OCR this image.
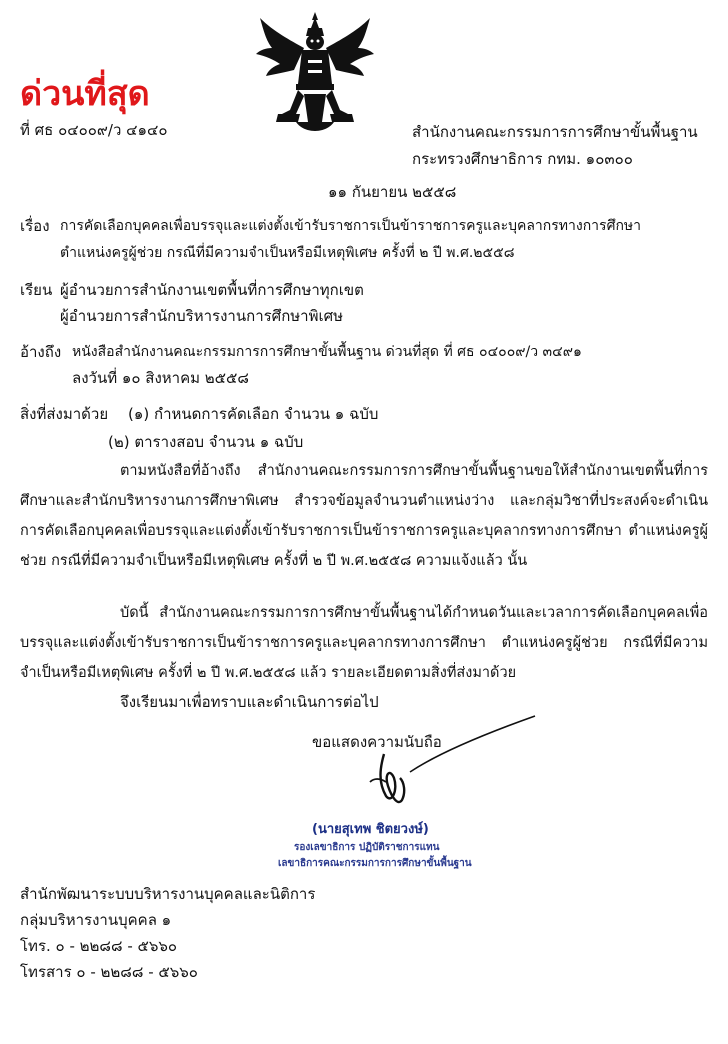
ด่วนที่สุด
ที่ ศธ ๐๔๐๐๙/ว ๔๑๔๐	สำนักงานคณะกรรมการการศึกษาขั้นพื้นฐาน
กระทรวงศึกษาธิการ กทม. ๑๐๓๐๐
๑๑ กันยายน ๒๕๕๘
เรื่อง การคัดเลือกบุคคลเพื่อบรรจุและแต่งตั้งเข้ารับราชการเป็นข้าราชการครูและบุคลากรทางการศึกษา
ตำแหน่งครูผู้ช่วย กรณีที่มีความจำเป็นหรือมีเหตุพิเศษ ครั้งที่ ๒ ปี พ.ศ.๒๕๕๘
เรียน ผู้อำนวยการสำนักงานเขตพื้นที่การศึกษาทุกเขต
ผู้อำนวยการสำนักบริหารงานการศึกษาพิเศษ
อ้างถึง หนังสือสำนักงานคณะกรรมการการศึกษาขั้นพื้นฐาน ด่วนที่สุด ที่ ศธ ๐๔๐๐๙/ว ๓๔๙๑
ลงวันที่ ๑๐ สิงหาคม ๒๕๕๘
สิ่งที่ส่งมาด้วย (๑) กำหนดการคัดเลือก จำนวน ๑ ฉบับ
(๒) ตารางสอบ จำนวน ๑ ฉบับ
ตามหนังสือที่อ้างถึง สำนักงานคณะกรรมการการศึกษาขั้นพื้นฐานขอให้สำนักงานเขตพื้นที่การศึกษาและสำนักบริหารงานการศึกษาพิเศษ สำรวจข้อมูลจำนวนตำแหน่งว่าง และกลุ่มวิชาที่ประสงค์จะดำเนินการคัดเลือกบุคคลเพื่อบรรจุและแต่งตั้งเข้ารับราชการเป็นข้าราชการครูและบุคลากรทางการศึกษา ตำแหน่งครูผู้ช่วย กรณีที่มีความจำเป็นหรือมีเหตุพิเศษ ครั้งที่ ๒ ปี พ.ศ.๒๕๕๘ ความแจ้งแล้ว นั้น
บัดนี้ สำนักงานคณะกรรมการการศึกษาขั้นพื้นฐานได้กำหนดวันและเวลาการคัดเลือกบุคคลเพื่อบรรจุและแต่งตั้งเข้ารับราชการเป็นข้าราชการครูและบุคลากรทางการศึกษา ตำแหน่งครูผู้ช่วย กรณีที่มีความจำเป็นหรือมีเหตุพิเศษ ครั้งที่ ๒ ปี พ.ศ.๒๕๕๘ แล้ว รายละเอียดตามสิ่งที่ส่งมาด้วย
จึงเรียนมาเพื่อทราบและดำเนินการต่อไป
ขอแสดงความนับถือ
(นายสุเทพ ชิตยวงษ์)
รองเลขาธิการ ปฏิบัติราชการแทน
เลขาธิการคณะกรรมการการศึกษาขั้นพื้นฐาน
สำนักพัฒนาระบบบริหารงานบุคคลและนิติการ
กลุ่มบริหารงานบุคคล ๑
โทร. ๐ - ๒๒๘๘ - ๕๖๖๐
โทรสาร ๐ - ๒๒๘๘ - ๕๖๖๐
